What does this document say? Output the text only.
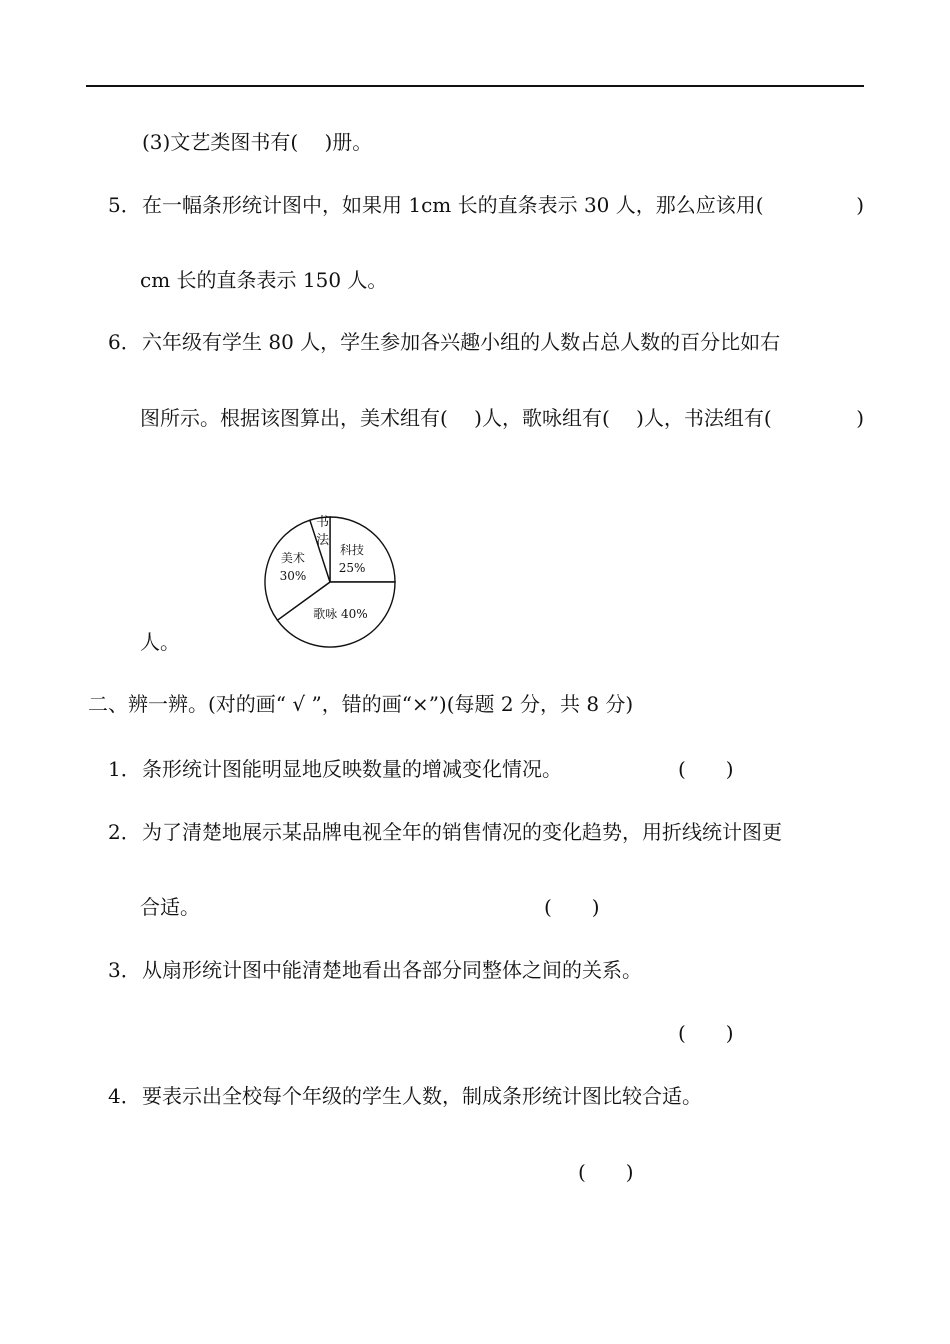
(3)文艺类图书有(　 )册。
5． 在一幅条形统计图中，如果用 1cm 长的直条表示 30 人，那么应该用(	)
cm 长的直条表示 150 人。
6． 六年级有学生 80 人，学生参加各兴趣小组的人数占总人数的百分比如右
图所示。根据该图算出，美术组有(　 )人，歌咏组有(　 )人，书法组有(	)
科技
25%
歌咏 40%
美术
30%
书
法
人。
二、辨一辨。(对的画“ √ ”，错的画“×”)(每题 2 分，共 8 分)
1． 条形统计图能明显地反映数量的增减变化情况。	(　　)
2． 为了清楚地展示某品牌电视全年的销售情况的变化趋势，用折线统计图更
合适。	(　　)
3． 从扇形统计图中能清楚地看出各部分同整体之间的关系。
(　　)
4． 要表示出全校每个年级的学生人数，制成条形统计图比较合适。
(　　)
